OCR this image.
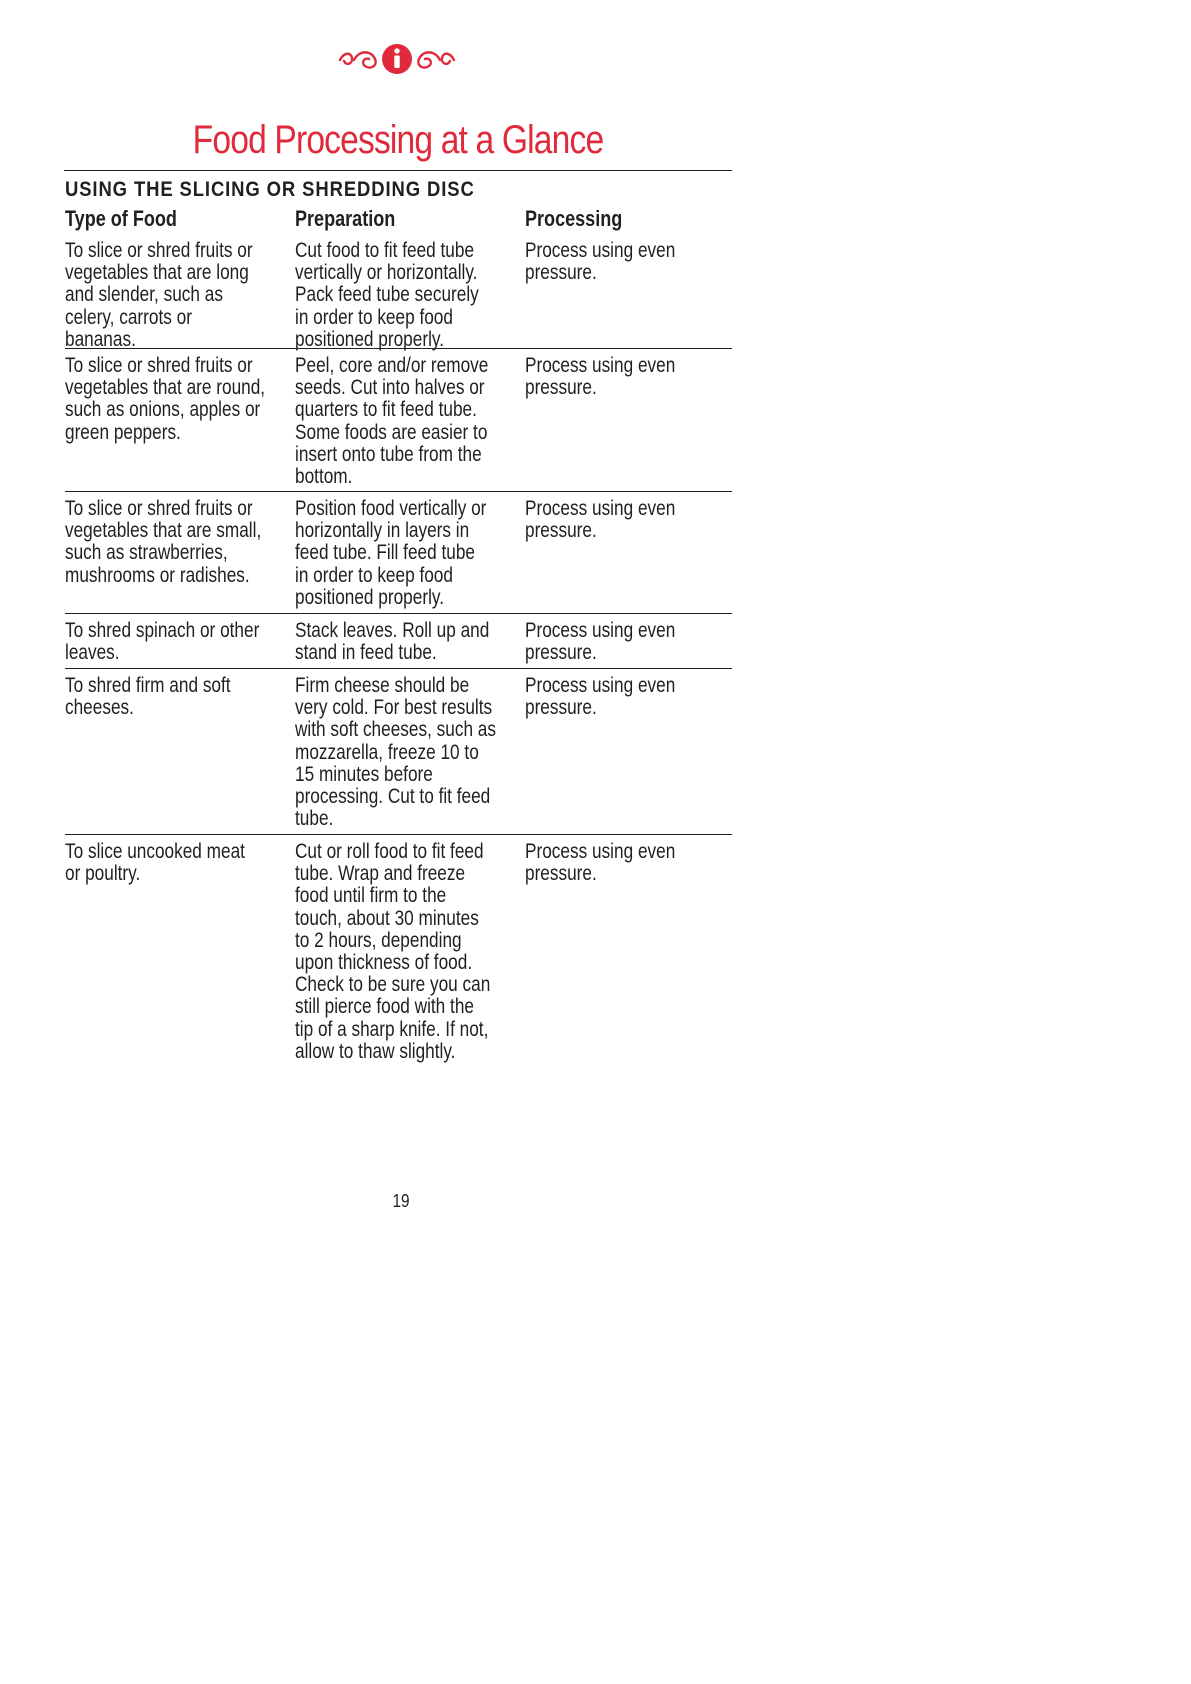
Food Processing at a Glance
USING THE SLICING OR SHREDDING DISC
Type of Food	Preparation	Processing
To slice or shred fruits or
vegetables that are long
and slender, such as
celery, carrots or
bananas.
Cut food to fit feed tube
vertically or horizontally.
Pack feed tube securely
in order to keep food
positioned properly.
Process using even
pressure.
To slice or shred fruits or
vegetables that are round,
such as onions, apples or
green peppers.
Peel, core and/or remove
seeds. Cut into halves or
quarters to fit feed tube.
Some foods are easier to
insert onto tube from the
bottom.
Process using even
pressure.
To slice or shred fruits or
vegetables that are small,
such as strawberries,
mushrooms or radishes.
Position food vertically or
horizontally in layers in
feed tube. Fill feed tube
in order to keep food
positioned properly.
Process using even
pressure.
To shred spinach or other
leaves.
Stack leaves. Roll up and
stand in feed tube.
Process using even
pressure.
To shred firm and soft
cheeses.
Firm cheese should be
very cold. For best results
with soft cheeses, such as
mozzarella, freeze 10 to
15 minutes before
processing. Cut to fit feed
tube.
Process using even
pressure.
To slice uncooked meat
or poultry.
Cut or roll food to fit feed
tube. Wrap and freeze
food until firm to the
touch, about 30 minutes
to 2 hours, depending
upon thickness of food.
Check to be sure you can
still pierce food with the
tip of a sharp knife. If not,
allow to thaw slightly.
Process using even
pressure.
19
